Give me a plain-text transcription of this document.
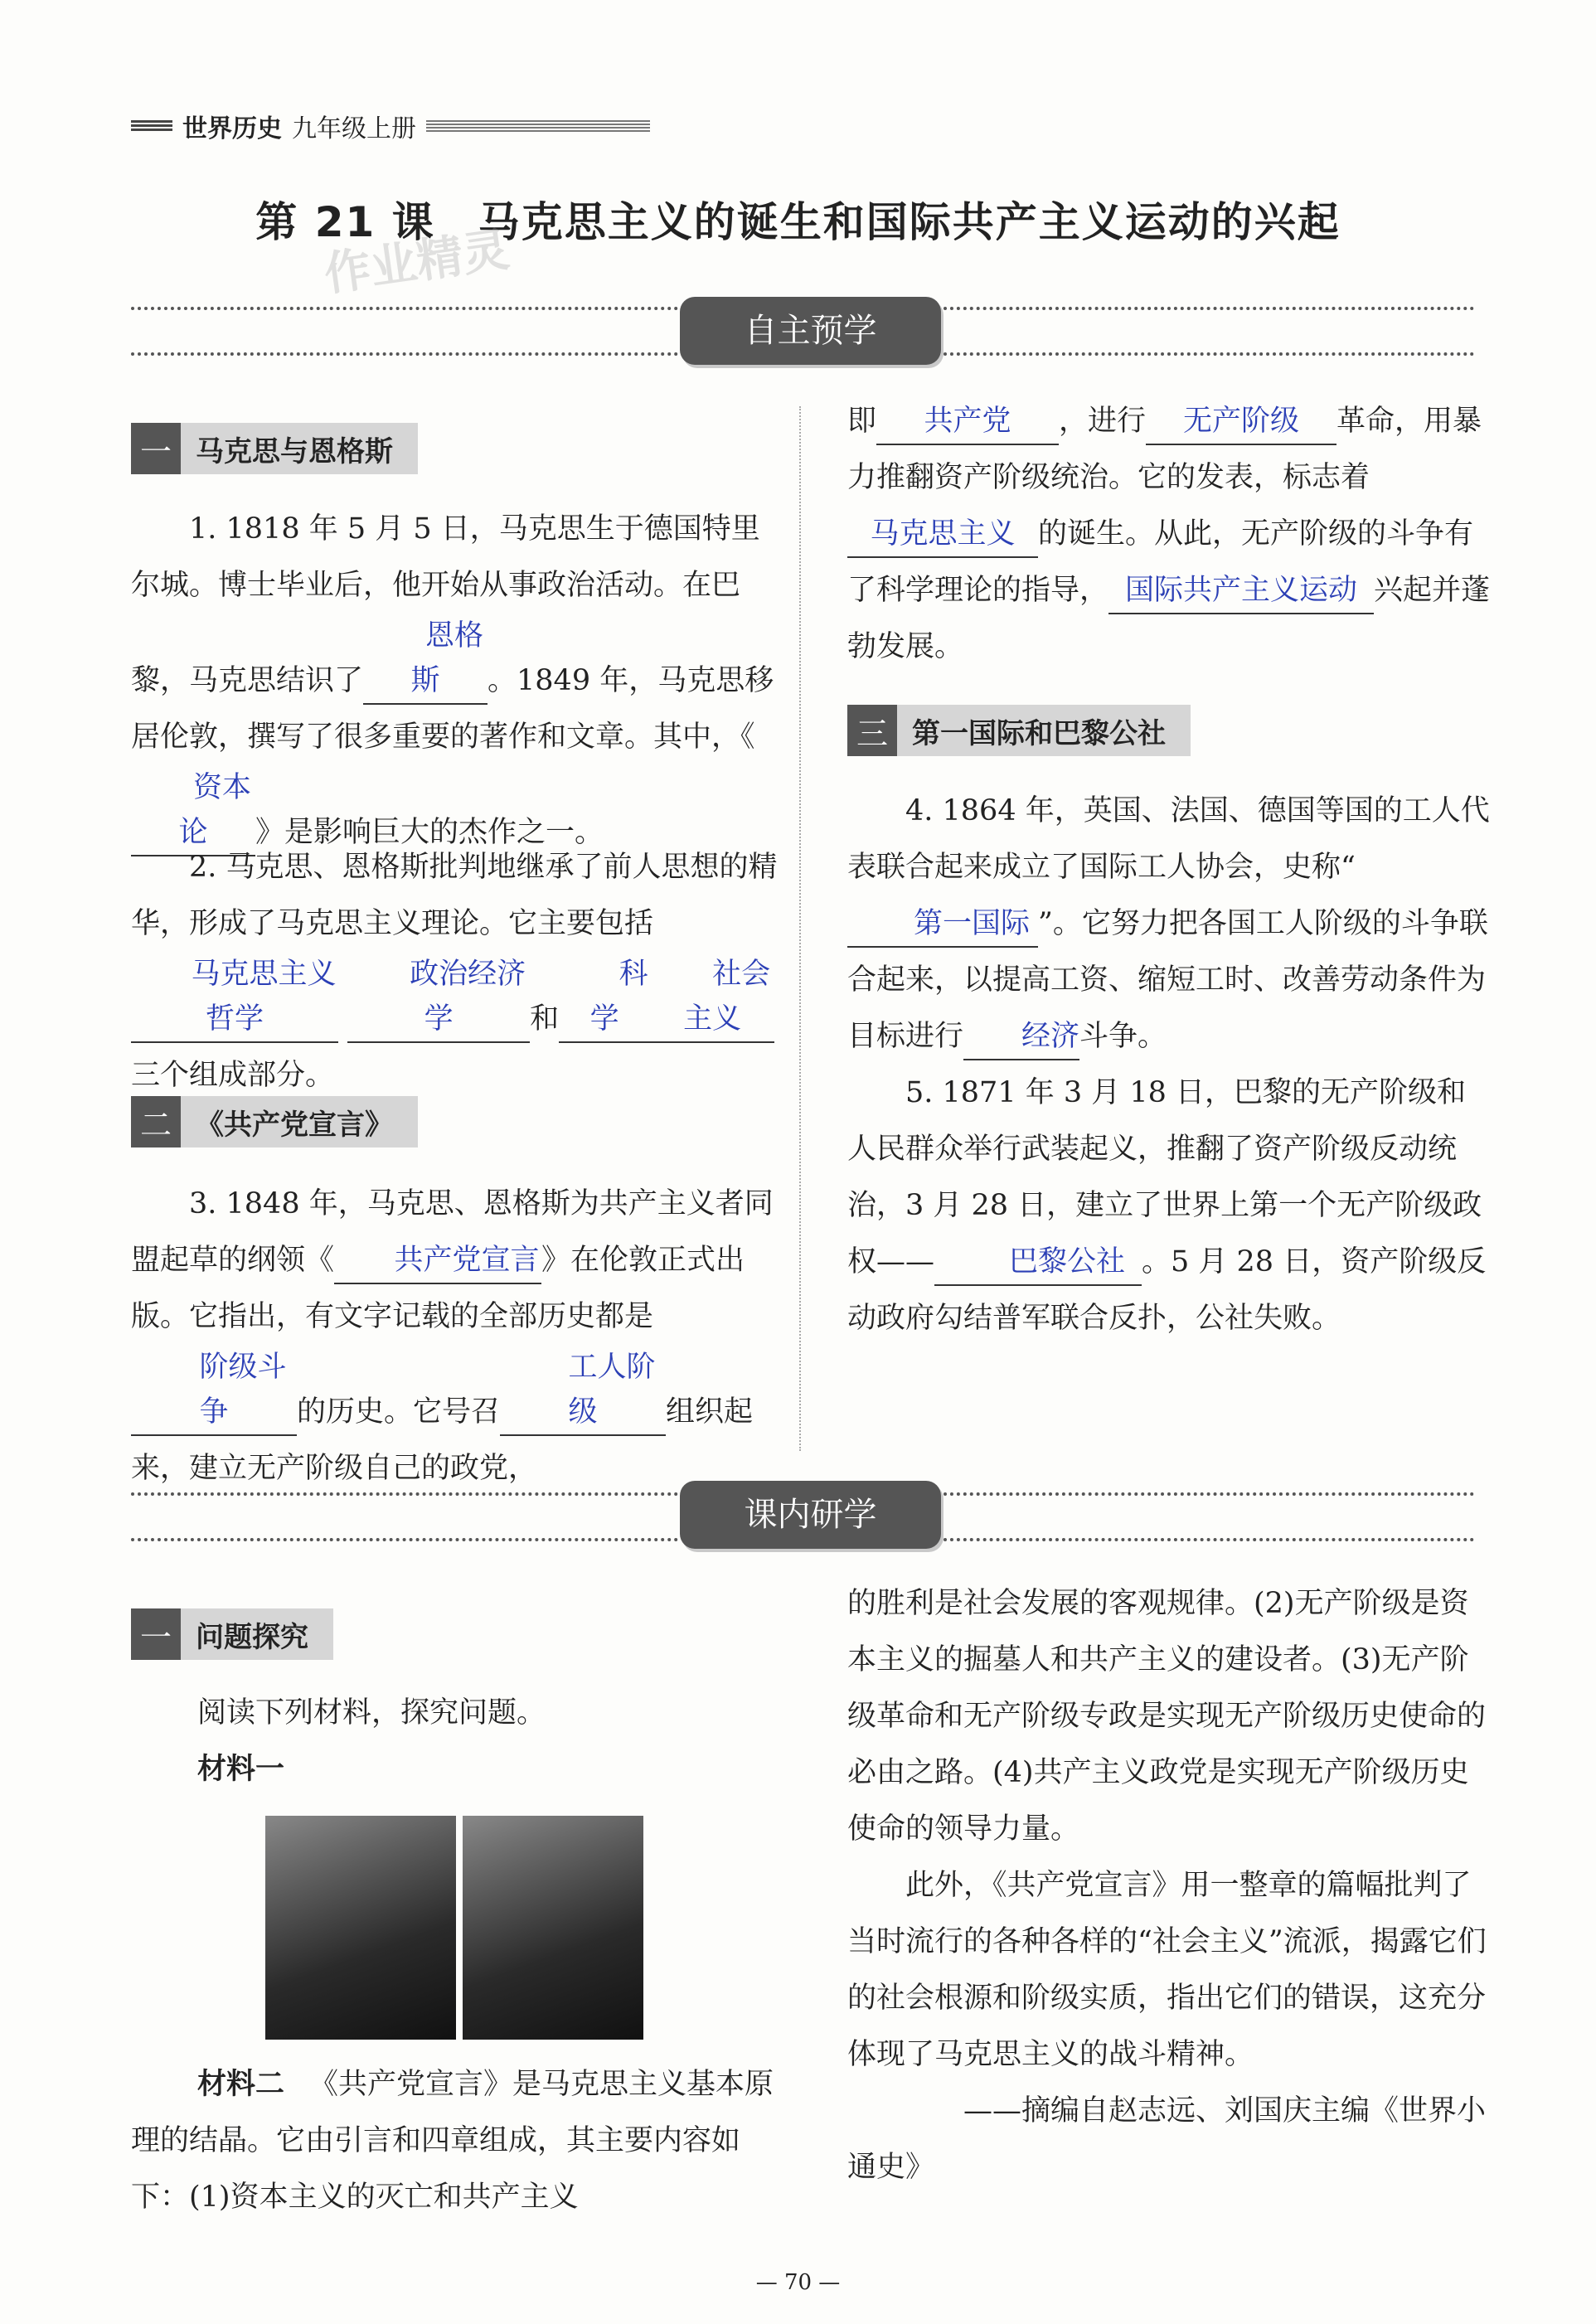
世界历史 九年级上册
第 21 课　马克思主义的诞生和国际共产主义运动的兴起
作业精灵
自主预学
一 马克思与恩格斯
1. 1818 年 5 月 5 日，马克思生于德国特里尔城。博士毕业后，他开始从事政治活动。在巴黎，马克思结识了恩格斯 。1849 年，马克思移居伦敦，撰写了很多重要的著作和文章。其中，《资本论 》是影响巨大的杰作之一。
2. 马克思、恩格斯批判地继承了前人思想的精华，形成了马克思主义理论。它主要包括马克思主义哲学 政治经济学	和科学社会主义三个组成部分。
二 《共产党宣言》
3. 1848 年，马克思、恩格斯为共产主义者同盟起草的纲领《 共产党宣言》在伦敦正式出版。它指出，有文字记载的全部历史都是阶级斗争 的历史。它号召工人阶级 组织起来，建立无产阶级自己的政党，
即 共产党 ，进行 无产阶级 革命，用暴力推翻资产阶级统治。它的发表，标志着马克思主义 的诞生。从此，无产阶级的斗争有了科学理论的指导， 国际共产主义运动 兴起并蓬勃发展。
三 第一国际和巴黎公社
4. 1864 年，英国、法国、德国等国的工人代表联合起来成立了国际工人协会，史称“第一国际 ”。它努力把各国工人阶级的斗争联合起来，以提高工资、缩短工时、改善劳动条件为目标进行 经济斗争。
5. 1871 年 3 月 18 日，巴黎的无产阶级和人民群众举行武装起义，推翻了资产阶级反动统治，3 月 28 日，建立了世界上第一个无产阶级政权——	巴黎公社 。5 月 28 日，资产阶级反动政府勾结普军联合反扑，公社失败。
课内研学
一 问题探究
阅读下列材料，探究问题。
材料一
材料二 《共产党宣言》是马克思主义基本原理的结晶。它由引言和四章组成，其主要内容如下：(1)资本主义的灭亡和共产主义
的胜利是社会发展的客观规律。(2)无产阶级是资本主义的掘墓人和共产主义的建设者。(3)无产阶级革命和无产阶级专政是实现无产阶级历史使命的必由之路。(4)共产主义政党是实现无产阶级历史使命的领导力量。
此外，《共产党宣言》用一整章的篇幅批判了当时流行的各种各样的“社会主义”流派，揭露它们的社会根源和阶级实质，指出它们的错误，这充分体现了马克思主义的战斗精神。
——摘编自赵志远、刘国庆主编《世界小通史》
— 70 —
